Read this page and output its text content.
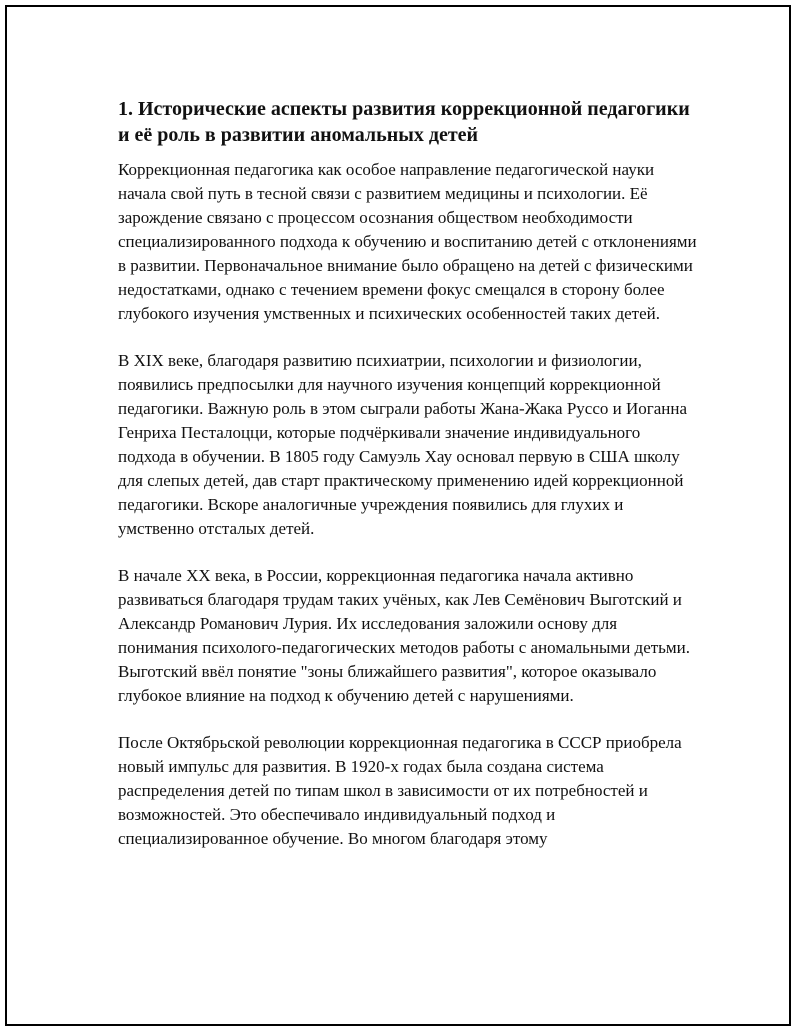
1. Исторические аспекты развития коррекционной педагогики и её роль в развитии аномальных детей

Коррекционная педагогика как особое направление педагогической науки начала свой путь в тесной связи с развитием медицины и психологии. Её зарождение связано с процессом осознания обществом необходимости специализированного подхода к обучению и воспитанию детей с отклонениями в развитии. Первоначальное внимание было обращено на детей с физическими недостатками, однако с течением времени фокус смещался в сторону более глубокого изучения умственных и психических особенностей таких детей.

В XIX веке, благодаря развитию психиатрии, психологии и физиологии, появились предпосылки для научного изучения концепций коррекционной педагогики. Важную роль в этом сыграли работы Жана-Жака Руссо и Иоганна Генриха Песталоцци, которые подчёркивали значение индивидуального подхода в обучении. В 1805 году Самуэль Хау основал первую в США школу для слепых детей, дав старт практическому применению идей коррекционной педагогики. Вскоре аналогичные учреждения появились для глухих и умственно отсталых детей.

В начале XX века, в России, коррекционная педагогика начала активно развиваться благодаря трудам таких учёных, как Лев Семёнович Выготский и Александр Романович Лурия. Их исследования заложили основу для понимания психолого-педагогических методов работы с аномальными детьми. Выготский ввёл понятие "зоны ближайшего развития", которое оказывало глубокое влияние на подход к обучению детей с нарушениями.

После Октябрьской революции коррекционная педагогика в СССР приобрела новый импульс для развития. В 1920-х годах была создана система распределения детей по типам школ в зависимости от их потребностей и возможностей. Это обеспечивало индивидуальный подход и специализированное обучение. Во многом благодаря этому
